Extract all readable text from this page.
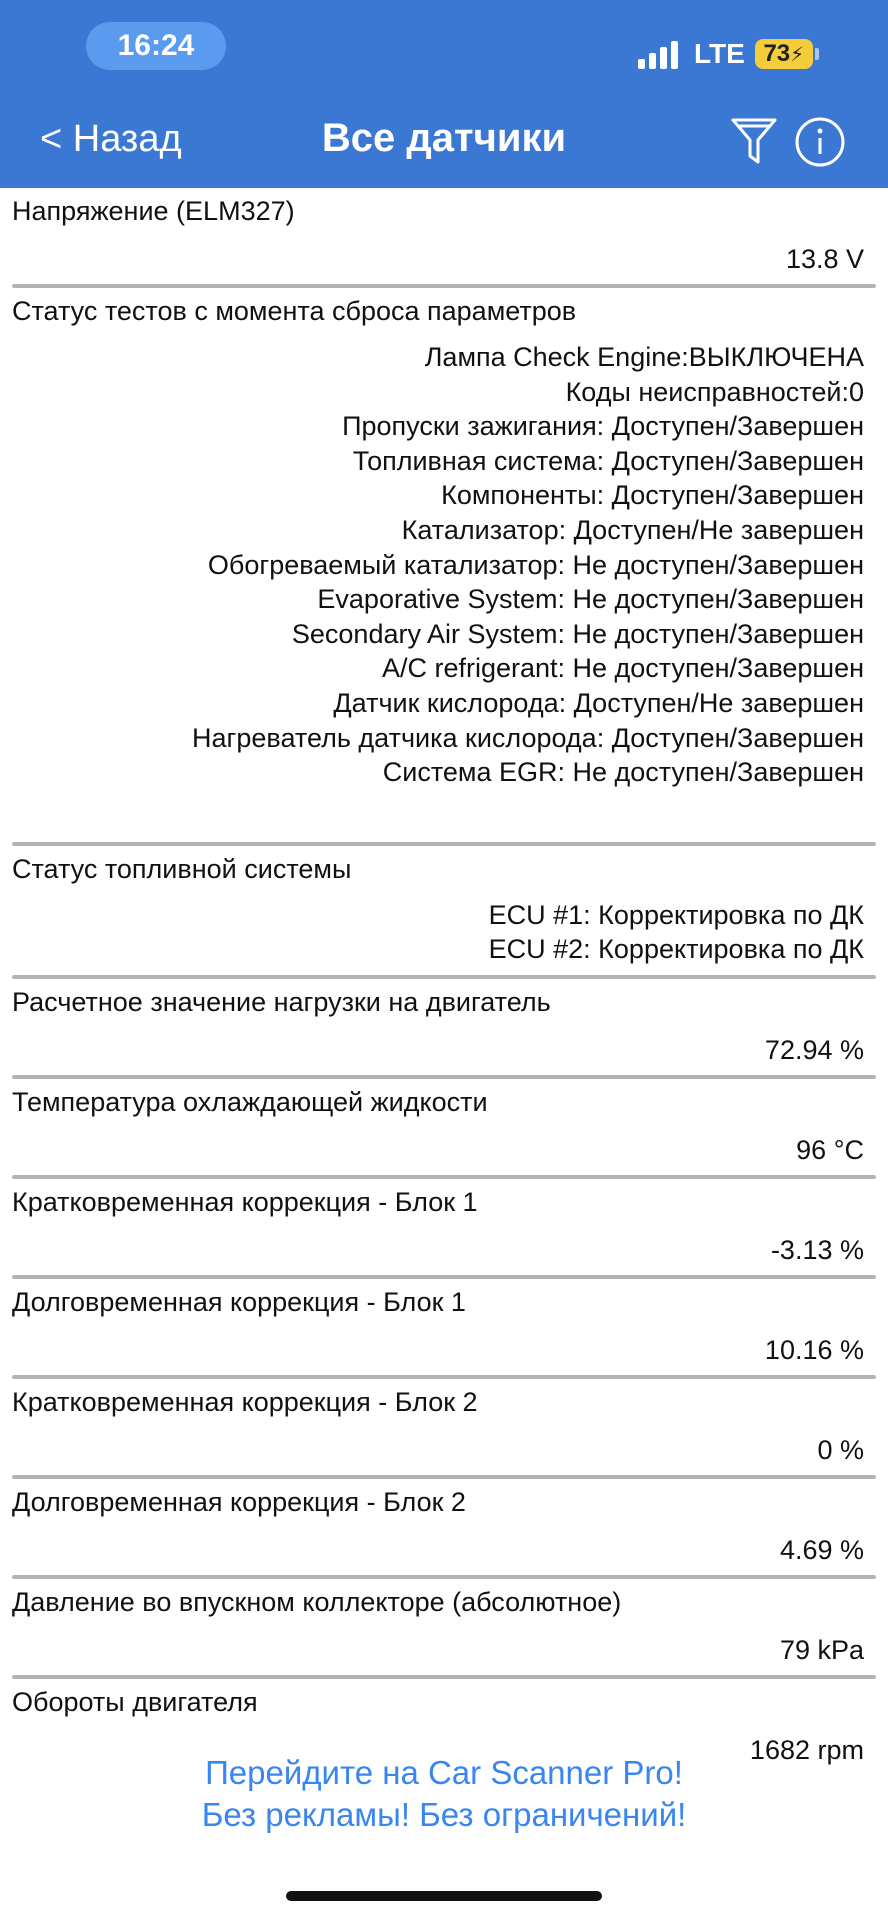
16:24	LTE 73 ⚡
< Назад	Все датчики
Напряжение (ELM327)
13.8 V
Статус тестов с момента сброса параметров
Лампа Check Engine:ВЫКЛЮЧЕНА
Коды неисправностей:0
Пропуски зажигания: Доступен/Завершен
Топливная система: Доступен/Завершен
Компоненты: Доступен/Завершен
Катализатор: Доступен/Не завершен
Обогреваемый катализатор: Не доступен/Завершен
Evaporative System: Не доступен/Завершен
Secondary Air System: Не доступен/Завершен
A/C refrigerant: Не доступен/Завершен
Датчик кислорода: Доступен/Не завершен
Нагреватель датчика кислорода: Доступен/Завершен
Система EGR: Не доступен/Завершен
Статус топливной системы
ECU #1: Корректировка по ДК
ECU #2: Корректировка по ДК
Расчетное значение нагрузки на двигатель
72.94 %
Температура охлаждающей жидкости
96 °C
Кратковременная коррекция - Блок 1
-3.13 %
Долговременная коррекция - Блок 1
10.16 %
Кратковременная коррекция - Блок 2
0 %
Долговременная коррекция - Блок 2
4.69 %
Давление во впускном коллекторе (абсолютное)
79 kPa
Обороты двигателя
1682 rpm
Перейдите на Car Scanner Pro!
Без рекламы! Без ограничений!
